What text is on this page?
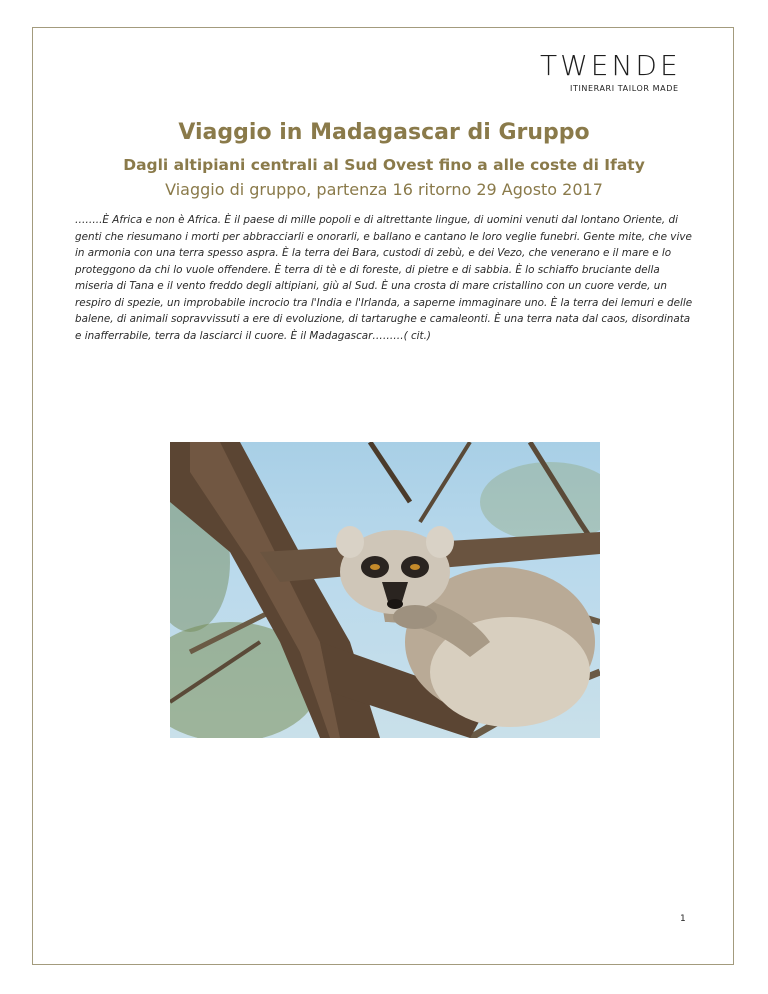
TWENDE
ITINERARI TAILOR MADE
Viaggio in Madagascar di Gruppo
Dagli altipiani centrali al Sud Ovest fino a alle coste di Ifaty
Viaggio di gruppo, partenza 16 ritorno 29 Agosto 2017

……..È Africa e non è Africa. È il paese di mille popoli e di altrettante lingue, di uomini venuti dal lontano Oriente, di genti che riesumano i morti per abbracciarli e onorarli, e ballano e cantano le loro veglie funebri. Gente mite, che vive in armonia con una terra spesso aspra. È la terra dei Bara, custodi di zebù, e dei Vezo, che venerano e il mare e lo proteggono da chi lo vuole offendere. È terra di tè e di foreste, di pietre e di sabbia. È lo schiaffo bruciante della miseria di Tana e il vento freddo degli altipiani, giù al Sud. È una crosta di mare cristallino con un cuore verde, un respiro di spezie, un improbabile incrocio tra l'India e l'Irlanda, a saperne immaginare uno. È la terra dei lemuri e delle balene, di animali sopravvissuti a ere di evoluzione, di tartarughe e camaleonti. È una terra nata dal caos, disordinata e inafferrabile, terra da lasciarci il cuore. È il Madagascar………( cit.)

1
